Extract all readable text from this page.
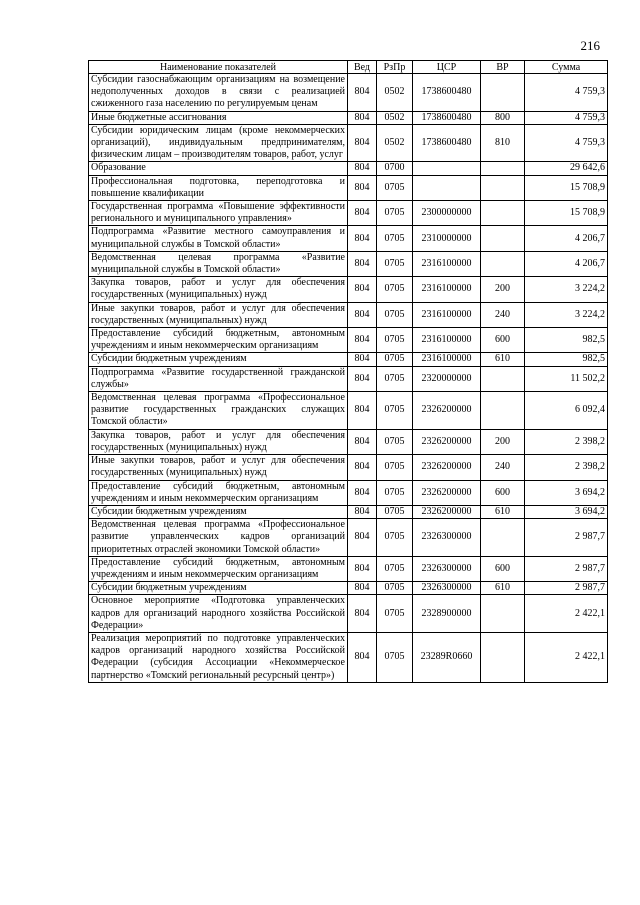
216
Наименование показателей	Вед	РзПр	ЦСР	ВР	Сумма
Субсидии газоснабжающим организациям на возмещение недополученных доходов в связи с реализацией сжиженного газа населению по регулируемым ценам	804	0502	1738600480		4 759,3
Иные бюджетные ассигнования	804	0502	1738600480	800	4 759,3
Субсидии юридическим лицам (кроме некоммерческих организаций), индивидуальным предпринимателям, физическим лицам – производителям товаров, работ, услуг	804	0502	1738600480	810	4 759,3
Образование	804	0700			29 642,6
Профессиональная подготовка, переподготовка и повышение квалификации	804	0705			15 708,9
Государственная программа «Повышение эффективности регионального и муниципального управления»	804	0705	2300000000		15 708,9
Подпрограмма «Развитие местного самоуправления и муниципальной службы в Томской области»	804	0705	2310000000		4 206,7
Ведомственная целевая программа «Развитие муниципальной службы в Томской области»	804	0705	2316100000		4 206,7
Закупка товаров, работ и услуг для обеспечения государственных (муниципальных) нужд	804	0705	2316100000	200	3 224,2
Иные закупки товаров, работ и услуг для обеспечения государственных (муниципальных) нужд	804	0705	2316100000	240	3 224,2
Предоставление субсидий бюджетным, автономным учреждениям и иным некоммерческим организациям	804	0705	2316100000	600	982,5
Субсидии бюджетным учреждениям	804	0705	2316100000	610	982,5
Подпрограмма «Развитие государственной гражданской службы»	804	0705	2320000000		11 502,2
Ведомственная целевая программа «Профессиональное развитие государственных гражданских служащих Томской области»	804	0705	2326200000		6 092,4
Закупка товаров, работ и услуг для обеспечения государственных (муниципальных) нужд	804	0705	2326200000	200	2 398,2
Иные закупки товаров, работ и услуг для обеспечения государственных (муниципальных) нужд	804	0705	2326200000	240	2 398,2
Предоставление субсидий бюджетным, автономным учреждениям и иным некоммерческим организациям	804	0705	2326200000	600	3 694,2
Субсидии бюджетным учреждениям	804	0705	2326200000	610	3 694,2
Ведомственная целевая программа «Профессиональное развитие управленческих кадров организаций приоритетных отраслей экономики Томской области»	804	0705	2326300000		2 987,7
Предоставление субсидий бюджетным, автономным учреждениям и иным некоммерческим организациям	804	0705	2326300000	600	2 987,7
Субсидии бюджетным учреждениям	804	0705	2326300000	610	2 987,7
Основное мероприятие «Подготовка управленческих кадров для организаций народного хозяйства Российской Федерации»	804	0705	2328900000		2 422,1
Реализация мероприятий по подготовке управленческих кадров организаций народного хозяйства Российской Федерации (субсидия Ассоциации «Некоммерческое партнерство «Томский региональный ресурсный центр»)	804	0705	23289R0660		2 422,1
